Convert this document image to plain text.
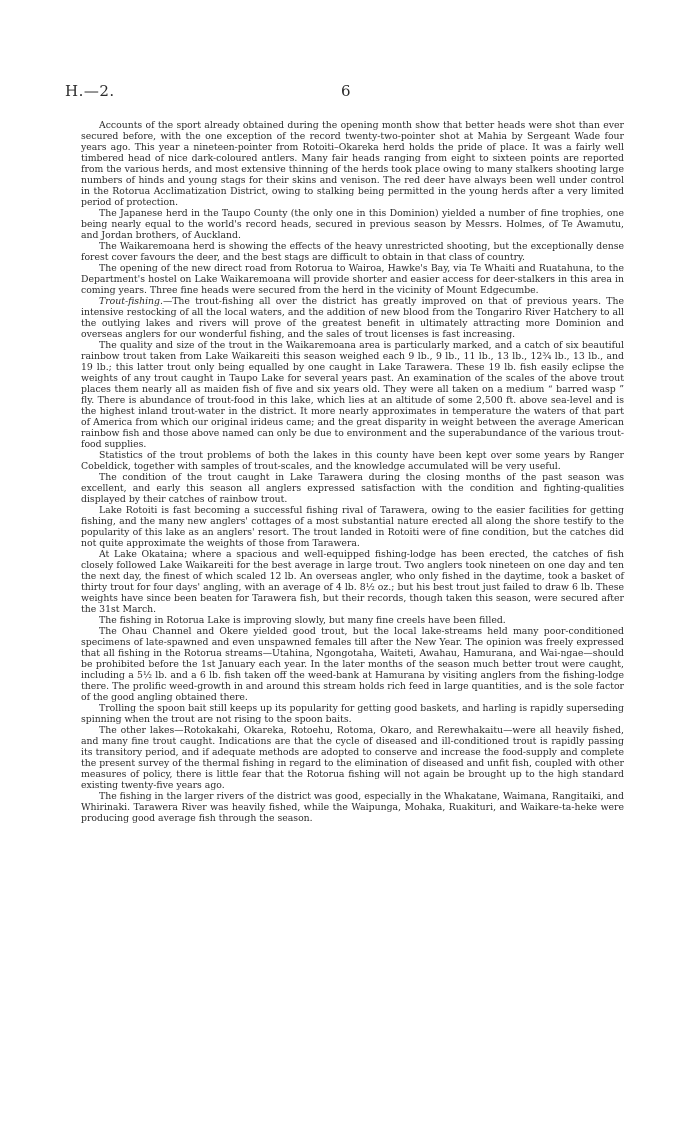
H.—2.	6

Accounts of the sport already obtained during the opening month show that better heads were shot than ever secured before, with the one exception of the record twenty-two-pointer shot at Mahia by Sergeant Wade four years ago. This year a nineteen-pointer from Rotoiti–Okareka herd holds the pride of place. It was a fairly well timbered head of nice dark-coloured antlers. Many fair heads ranging from eight to sixteen points are reported from the various herds, and most extensive thinning of the herds took place owing to many stalkers shooting large numbers of hinds and young stags for their skins and venison. The red deer have always been well under control in the Rotorua Acclimatization District, owing to stalking being permitted in the young herds after a very limited period of protection.

The Japanese herd in the Taupo County (the only one in this Dominion) yielded a number of fine trophies, one being nearly equal to the world's record heads, secured in previous season by Messrs. Holmes, of Te Awamutu, and Jordan brothers, of Auckland.

The Waikaremoana herd is showing the effects of the heavy unrestricted shooting, but the exceptionally dense forest cover favours the deer, and the best stags are difficult to obtain in that class of country.

The opening of the new direct road from Rotorua to Wairoa, Hawke's Bay, via Te Whaiti and Ruatahuna, to the Department's hostel on Lake Waikaremoana will provide shorter and easier access for deer-stalkers in this area in coming years. Three fine heads were secured from the herd in the vicinity of Mount Edgecumbe.

Trout-fishing.—The trout-fishing all over the district has greatly improved on that of previous years. The intensive restocking of all the local waters, and the addition of new blood from the Tongariro River Hatchery to all the outlying lakes and rivers will prove of the greatest benefit in ultimately attracting more Dominion and overseas anglers for our wonderful fishing, and the sales of trout licenses is fast increasing.

The quality and size of the trout in the Waikaremoana area is particularly marked, and a catch of six beautiful rainbow trout taken from Lake Waikareiti this season weighed each 9 lb., 9 lb., 11 lb., 13 lb., 12¾ lb., 13 lb., and 19 lb.; this latter trout only being equalled by one caught in Lake Tarawera. These 19 lb. fish easily eclipse the weights of any trout caught in Taupo Lake for several years past. An examination of the scales of the above trout places them nearly all as maiden fish of five and six years old. They were all taken on a medium “ barred wasp ” fly. There is abundance of trout-food in this lake, which lies at an altitude of some 2,500 ft. above sea-level and is the highest inland trout-water in the district. It more nearly approximates in temperature the waters of that part of America from which our original irideus came; and the great disparity in weight between the average American rainbow fish and those above named can only be due to environment and the superabundance of the various trout-food supplies.

Statistics of the trout problems of both the lakes in this county have been kept over some years by Ranger Cobeldick, together with samples of trout-scales, and the knowledge accumulated will be very useful.

The condition of the trout caught in Lake Tarawera during the closing months of the past season was excellent, and early this season all anglers expressed satisfaction with the condition and fighting-qualities displayed by their catches of rainbow trout.

Lake Rotoiti is fast becoming a successful fishing rival of Tarawera, owing to the easier facilities for getting fishing, and the many new anglers' cottages of a most substantial nature erected all along the shore testify to the popularity of this lake as an anglers' resort. The trout landed in Rotoiti were of fine condition, but the catches did not quite approximate the weights of those from Tarawera.

At Lake Okataina; where a spacious and well-equipped fishing-lodge has been erected, the catches of fish closely followed Lake Waikareiti for the best average in large trout. Two anglers took nineteen on one day and ten the next day, the finest of which scaled 12 lb. An overseas angler, who only fished in the daytime, took a basket of thirty trout for four days' angling, with an average of 4 lb. 8½ oz.; but his best trout just failed to draw 6 lb. These weights have since been beaten for Tarawera fish, but their records, though taken this season, were secured after the 31st March.

The fishing in Rotorua Lake is improving slowly, but many fine creels have been filled.

The Ohau Channel and Okere yielded good trout, but the local lake-streams held many poor-conditioned specimens of late-spawned and even unspawned females till after the New Year. The opinion was freely expressed that all fishing in the Rotorua streams—Utahina, Ngongotaha, Waiteti, Awahau, Hamurana, and Wai-ngae—should be prohibited before the 1st January each year. In the later months of the season much better trout were caught, including a 5½ lb. and a 6 lb. fish taken off the weed-bank at Hamurana by visiting anglers from the fishing-lodge there. The prolific weed-growth in and around this stream holds rich feed in large quantities, and is the sole factor of the good angling obtained there.

Trolling the spoon bait still keeps up its popularity for getting good baskets, and harling is rapidly superseding spinning when the trout are not rising to the spoon baits.

The other lakes—Rotokakahi, Okareka, Rotoehu, Rotoma, Okaro, and Rerewhakaitu—were all heavily fished, and many fine trout caught. Indications are that the cycle of diseased and ill-conditioned trout is rapidly passing its transitory period, and if adequate methods are adopted to conserve and increase the food-supply and complete the present survey of the thermal fishing in regard to the elimination of diseased and unfit fish, coupled with other measures of policy, there is little fear that the Rotorua fishing will not again be brought up to the high standard existing twenty-five years ago.

The fishing in the larger rivers of the district was good, especially in the Whakatane, Waimana, Rangitaiki, and Whirinaki. Tarawera River was heavily fished, while the Waipunga, Mohaka, Ruakituri, and Waikare-ta-heke were producing good average fish through the season.
